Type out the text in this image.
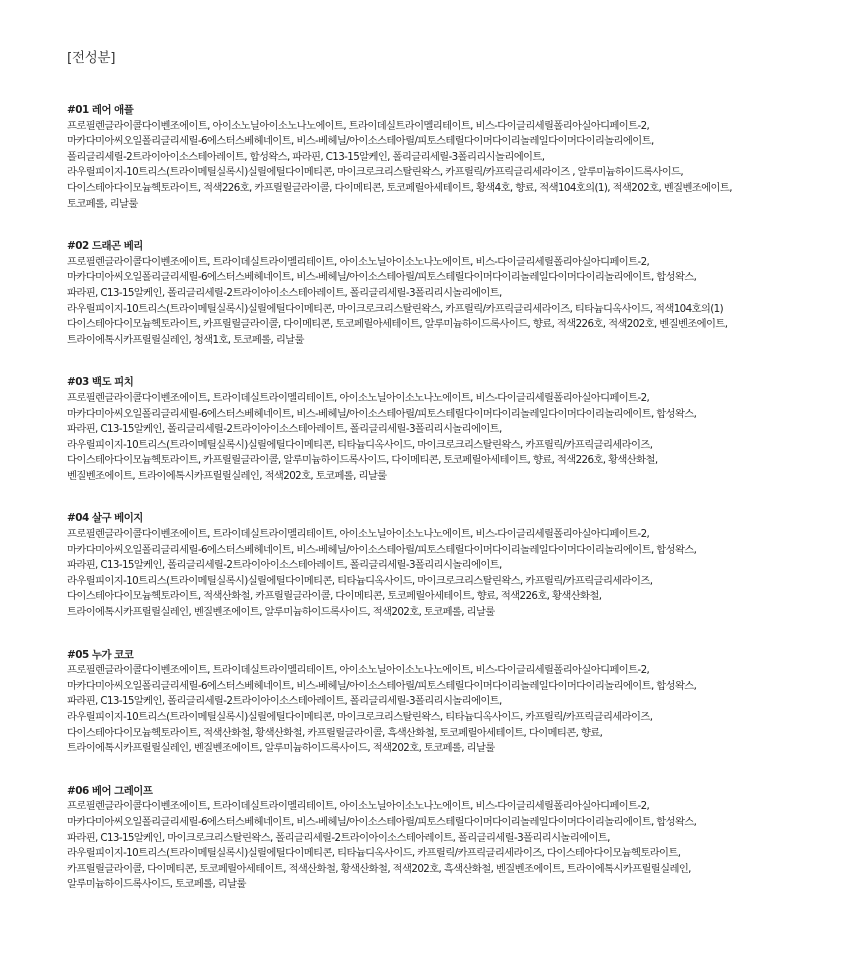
[전성분]
#01 레어 애플
프로필렌글라이콜다이벤조에이트, 아이소노닐아이소노나노에이트, 트라이데실트라이멜리테이트, 비스-다이글리세릴폴리아실아디페이트-2,
마카다미아씨오일폴리글리세릴-6에스터스베헤네이트, 비스-베헤닐/아이소스테아릴/피토스테릴다이머다이리놀레일다이머다이리놀리에이트,
폴리글리세릴-2트라이아이소스테아레이트, 합성왁스, 파라핀, C13-15알케인, 폴리글리세릴-3폴리리시놀리에이트,
라우릴피이지-10트리스(트라이메틸실록시)실릴에틸다이메티콘, 마이크로크리스탈린왁스, 카프릴릭/카프릭글리세라이즈 , 알루미늄하이드록사이드,
다이스테아다이모늄헥토라이트, 적색226호, 카프릴릴글라이콜, 다이메티콘, 토코페릴아세테이트, 황색4호, 향료, 적색104호의(1), 적색202호, 벤질벤조에이트,
토코페롤, 리날룰
#02 드래곤 베리
프로필렌글라이콜다이벤조에이트, 트라이데실트라이멜리테이트, 아이소노닐아이소노나노에이트, 비스-다이글리세릴폴리아실아디페이트-2,
마카다미아씨오일폴리글리세릴-6에스터스베헤네이트, 비스-베헤닐/아이소스테아릴/피토스테릴다이머다이리놀레일다이머다이리놀리에이트, 합성왁스,
파라핀, C13-15알케인, 폴리글리세릴-2트라이아이소스테아레이트, 폴리글리세릴-3폴리리시놀리에이트,
라우릴피이지-10트리스(트라이메틸실록시)실릴에틸다이메티콘, 마이크로크리스탈린왁스, 카프릴릭/카프릭글리세라이즈, 티타늄디옥사이드, 적색104호의(1)
다이스테아다이모늄헥토라이트, 카프릴릴글라이콜, 다이메티콘, 토코페릴아세테이트, 알루미늄하이드록사이드, 향료, 적색226호, 적색202호, 벤질벤조에이트,
트라이에톡시카프릴릴실레인, 청색1호, 토코페롤, 리날룰
#03 백도 피치
프로필렌글라이콜다이벤조에이트, 트라이데실트라이멜리테이트, 아이소노닐아이소노나노에이트, 비스-다이글리세릴폴리아실아디페이트-2,
마카다미아씨오일폴리글리세릴-6에스터스베헤네이트, 비스-베헤닐/아이소스테아릴/피토스테릴다이머다이리놀레일다이머다이리놀리에이트, 합성왁스,
파라핀, C13-15알케인, 폴리글리세릴-2트라이아이소스테아레이트, 폴리글리세릴-3폴리리시놀리에이트,
라우릴피이지-10트리스(트라이메틸실록시)실릴에틸다이메티콘, 티타늄디옥사이드, 마이크로크리스탈린왁스, 카프릴릭/카프릭글리세라이즈,
다이스테아다이모늄헥토라이트, 카프릴릴글라이콜, 알루미늄하이드록사이드, 다이메티콘, 토코페릴아세테이트, 향료, 적색226호, 황색산화철,
벤질벤조에이트, 트라이에톡시카프릴릴실레인, 적색202호, 토코페롤, 리날룰
#04 살구 베이지
프로필렌글라이콜다이벤조에이트, 트라이데실트라이멜리테이트, 아이소노닐아이소노나노에이트, 비스-다이글리세릴폴리아실아디페이트-2,
마카다미아씨오일폴리글리세릴-6에스터스베헤네이트, 비스-베헤닐/아이소스테아릴/피토스테릴다이머다이리놀레일다이머다이리놀리에이트, 합성왁스,
파라핀, C13-15알케인, 폴리글리세릴-2트라이아이소스테아레이트, 폴리글리세릴-3폴리리시놀리에이트,
라우릴피이지-10트리스(트라이메틸실록시)실릴에틸다이메티콘, 티타늄디옥사이드, 마이크로크리스탈린왁스, 카프릴릭/카프릭글리세라이즈,
다이스테아다이모늄헥토라이트, 적색산화철, 카프릴릴글라이콜, 다이메티콘, 토코페릴아세테이트, 향료, 적색226호, 황색산화철,
트라이에톡시카프릴릴실레인, 벤질벤조에이트, 알루미늄하이드록사이드, 적색202호, 토코페롤, 리날룰
#05 누가 코코
프로필렌글라이콜다이벤조에이트, 트라이데실트라이멜리테이트, 아이소노닐아이소노나노에이트, 비스-다이글리세릴폴리아실아디페이트-2,
마카다미아씨오일폴리글리세릴-6에스터스베헤네이트, 비스-베헤닐/아이소스테아릴/피토스테릴다이머다이리놀레일다이머다이리놀리에이트, 합성왁스,
파라핀, C13-15알케인, 폴리글리세릴-2트라이아이소스테아레이트, 폴리글리세릴-3폴리리시놀리에이트,
라우릴피이지-10트리스(트라이메틸실록시)실릴에틸다이메티콘, 마이크로크리스탈린왁스, 티타늄디옥사이드, 카프릴릭/카프릭글리세라이즈,
다이스테아다이모늄헥토라이트, 적색산화철, 황색산화철, 카프릴릴글라이콜, 흑색산화철, 토코페릴아세테이트, 다이메티콘, 향료,
트라이에톡시카프릴릴실레인, 벤질벤조에이트, 알루미늄하이드록사이드, 적색202호, 토코페롤, 리날룰
#06 베어 그레이프
프로필렌글라이콜다이벤조에이트, 트라이데실트라이멜리테이트, 아이소노닐아이소노나노에이트, 비스-다이글리세릴폴리아실아디페이트-2,
마카다미아씨오일폴리글리세릴-6에스터스베헤네이트, 비스-베헤닐/아이소스테아릴/피토스테릴다이머다이리놀레일다이머다이리놀리에이트, 합성왁스,
파라핀, C13-15알케인, 마이크로크리스탈린왁스, 폴리글리세릴-2트라이아이소스테아레이트, 폴리글리세릴-3폴리리시놀리에이트,
라우릴피이지-10트리스(트라이메틸실록시)실릴에틸다이메티콘, 티타늄디옥사이드, 카프릴릭/카프릭글리세라이즈, 다이스테아다이모늄헥토라이트,
카프릴릴글라이콜, 다이메티콘, 토코페릴아세테이트, 적색산화철, 황색산화철, 적색202호, 흑색산화철, 벤질벤조에이트, 트라이에톡시카프릴릴실레인,
알루미늄하이드록사이드, 토코페롤, 리날룰
